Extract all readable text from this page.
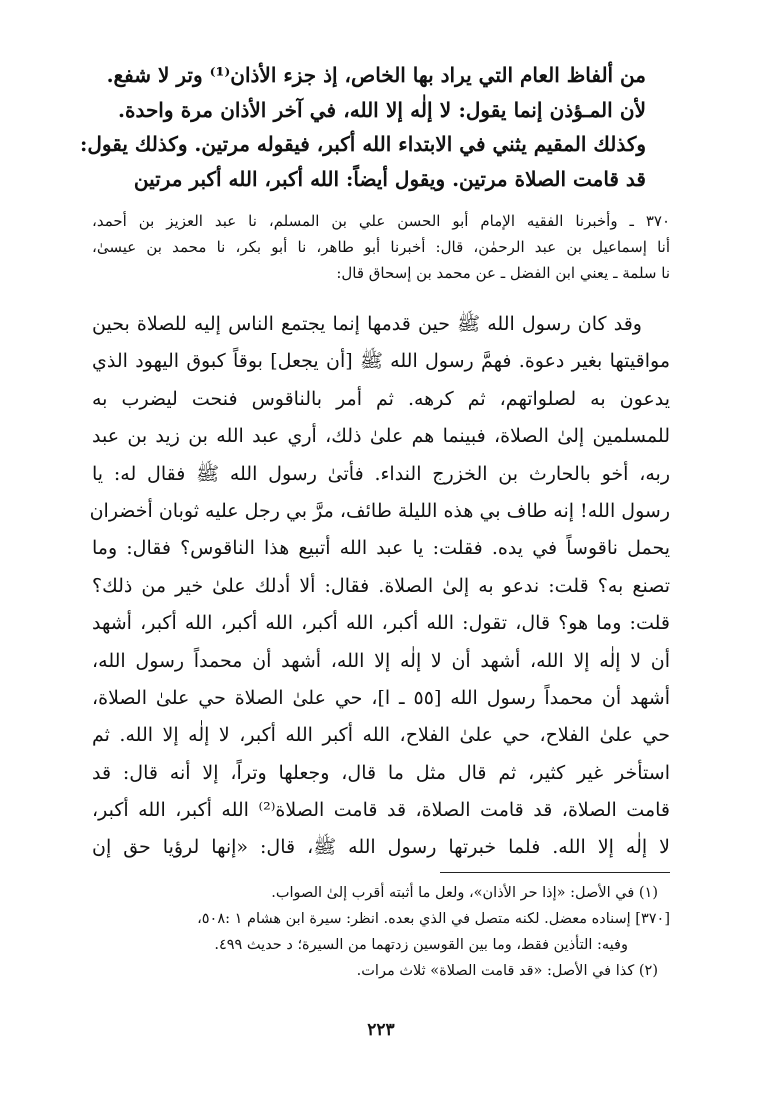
من ألفاظ العام التي يراد بها الخاص، إذ جزء الأذان⁽¹⁾ وتر لا شفع.
لأن المـؤذن إنما يقول: لا إلٰه إلا الله، في آخر الأذان مرة واحدة.
وكذلك المقيم يثني في الابتداء الله أكبر، فيقوله مرتين. وكذلك يقول:
قد قامت الصلاة مرتين. ويقول أيضاً: الله أكبر، الله أكبر مرتين
٣٧٠ ـ وأخبرنا الفقيه الإمام أبو الحسن علي بن المسلم، نا عبد العزيز بن أحمد،
أنا إسماعيل بن عبد الرحمٰن، قال: أخبرنا أبو طاهر، نا أبو بكر، نا محمد بن عيسىٰ،
نا سلمة ـ يعني ابن الفضل ـ عن محمد بن إسحاق قال:
وقد كان رسول الله ﷺ حين قدمها إنما يجتمع الناس إليه للصلاة بحين
مواقيتها بغير دعوة. فهمَّ رسول الله ﷺ [أن يجعل] بوقاً كبوق اليهود الذي
يدعون به لصلواتهم، ثم كرهه. ثم أمر بالناقوس فنحت ليضرب به
للمسلمين إلىٰ الصلاة، فبينما هم علىٰ ذلك، أري عبد الله بن زيد بن عبد
ربه، أخو بالحارث بن الخزرج النداء. فأتىٰ رسول الله ﷺ فقال له: يا
رسول الله! إنه طاف بي هذه الليلة طائف، مرَّ بي رجل عليه ثوبان أخضران
يحمل ناقوساً في يده. فقلت: يا عبد الله أتبيع هذا الناقوس؟ فقال: وما
تصنع به؟ قلت: ندعو به إلىٰ الصلاة. فقال: ألا أدلك علىٰ خير من ذلك؟
قلت: وما هو؟ قال، تقول: الله أكبر، الله أكبر، الله أكبر، الله أكبر، أشهد
أن لا إلٰه إلا الله، أشهد أن لا إلٰه إلا الله، أشهد أن محمداً رسول الله،
أشهد أن محمداً رسول الله [٥٥ ـ ا]، حي علىٰ الصلاة حي علىٰ الصلاة،
حي علىٰ الفلاح، حي علىٰ الفلاح، الله أكبر الله أكبر، لا إلٰه إلا الله. ثم
استأخر غير كثير، ثم قال مثل ما قال، وجعلها وتراً، إلا أنه قال: قد
قامت الصلاة، قد قامت الصلاة، قد قامت الصلاة⁽²⁾ الله أكبر، الله أكبر،
لا إلٰه إلا الله. فلما خبرتها رسول الله ﷺ، قال: «إنها لرؤيا حق إن
(١) في الأصل: «إذا حر الأذان»، ولعل ما أثبته أقرب إلىٰ الصواب.
[٣٧٠] إسناده معضل. لكنه متصل في الذي بعده. انظر: سيرة ابن هشام ١ :٥٠٨،
وفيه: التأذين فقط، وما بين القوسين زدتهما من السيرة؛ د حديث ٤٩٩.
(٢) كذا في الأصل: «قد قامت الصلاة» ثلاث مرات.
٢٢٣
